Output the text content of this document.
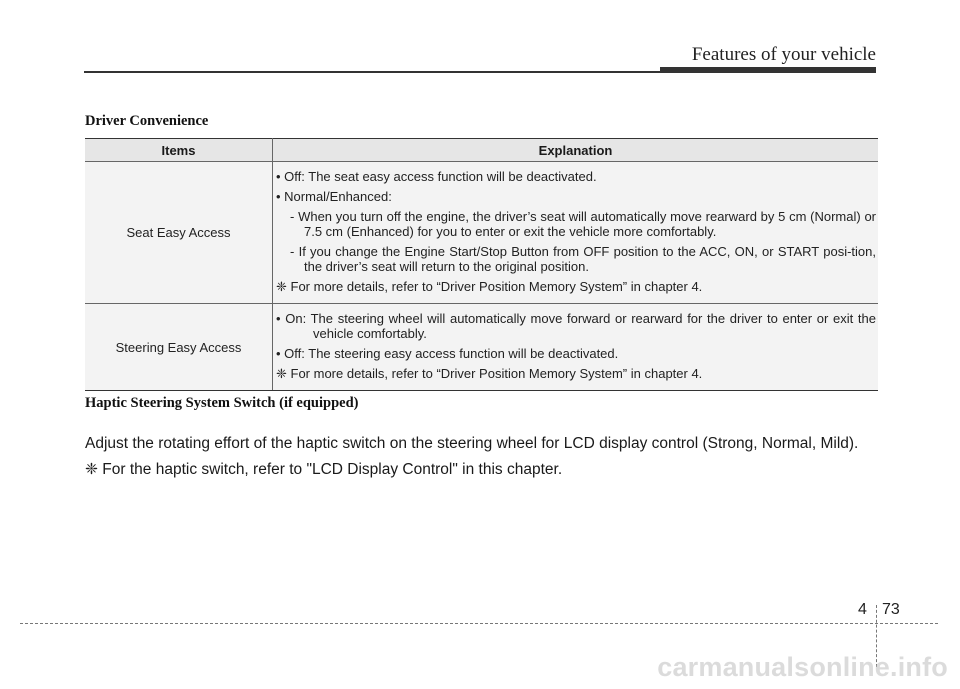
Features of your vehicle
Driver Convenience
Items	Explanation
Seat Easy Access	• Off: The seat easy access function will be deactivated.
• Normal/Enhanced:
- When you turn off the engine, the driver’s seat will automatically move rearward by 5 cm (Normal) or 7.5 cm (Enhanced) for you to enter or exit the vehicle more comfortably.
- If you change the Engine Start/Stop Button from OFF position to the ACC, ON, or START posi-tion, the driver’s seat will return to the original position.
❈ For more details, refer to “Driver Position Memory System” in chapter 4.

Steering Easy Access	• On: The steering wheel will automatically move forward or rearward for the driver to enter or exit the vehicle comfortably.
• Off: The steering easy access function will be deactivated.
❈ For more details, refer to “Driver Position Memory System” in chapter 4.
Haptic Steering System Switch (if equipped)
Adjust the rotating effort of the haptic switch on the steering wheel for LCD display control (Strong, Normal, Mild).
❈ For the haptic switch, refer to "LCD Display Control" in this chapter.
4 73
carmanualsonline.info
